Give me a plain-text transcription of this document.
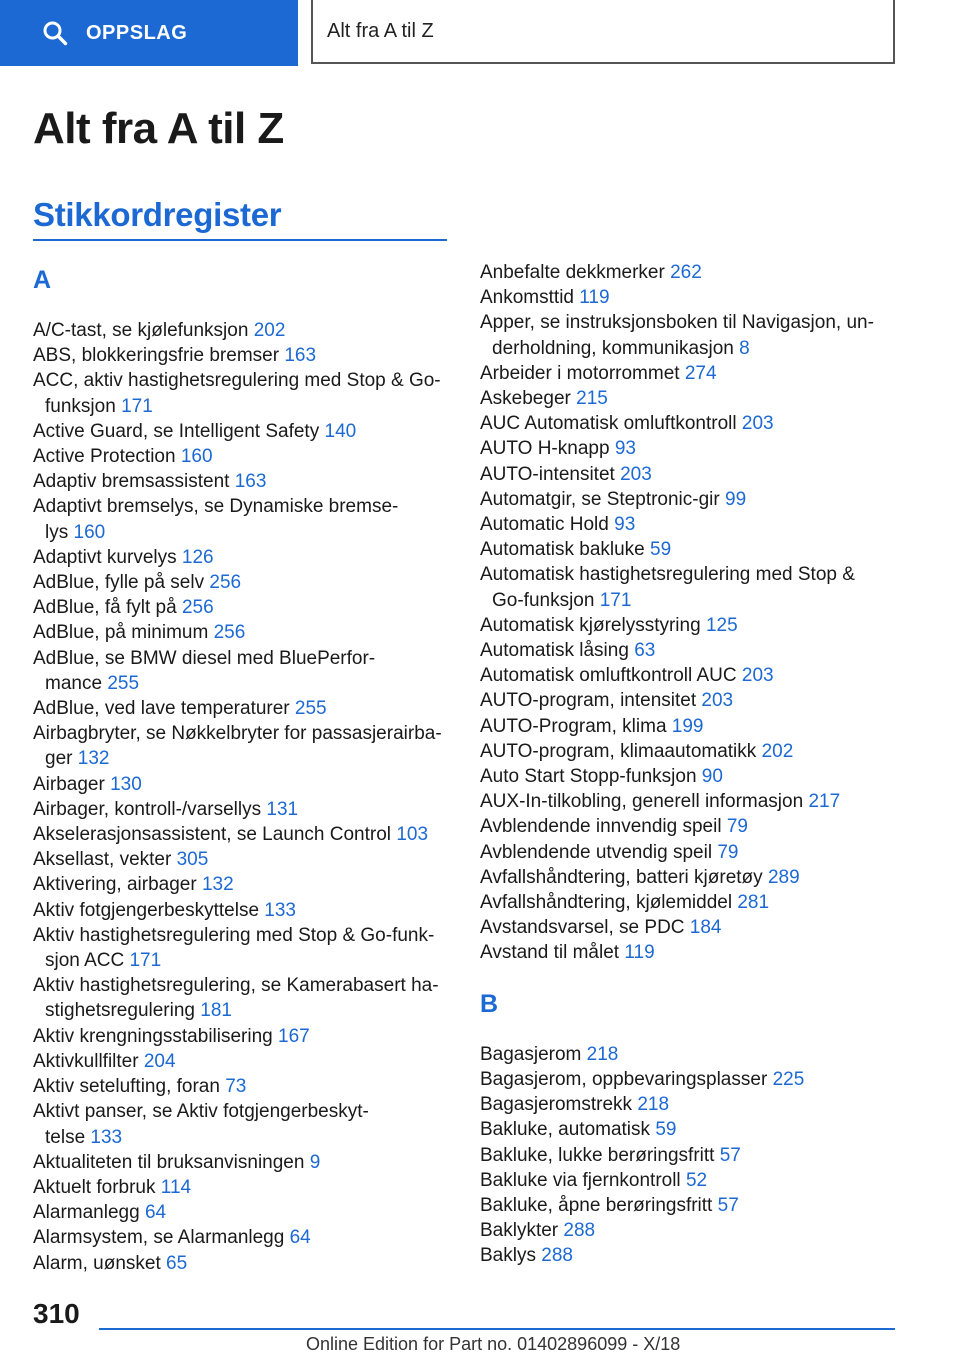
OPPSLAG	Alt fra A til Z
Alt fra A til Z
Stikkordregister
A
A/C-tast, se kjølefunksjon 202
ABS, blokkeringsfrie bremser 163
ACC, aktiv hastighetsregulering med Stop & Go-
funksjon 171
Active Guard, se Intelligent Safety 140
Active Protection 160
Adaptiv bremsassistent 163
Adaptivt bremselys, se Dynamiske bremse-
lys 160
Adaptivt kurvelys 126
AdBlue, fylle på selv 256
AdBlue, få fylt på 256
AdBlue, på minimum 256
AdBlue, se BMW diesel med BluePerfor-
mance 255
AdBlue, ved lave temperaturer 255
Airbagbryter, se Nøkkelbryter for passasjerairba-
ger 132
Airbager 130
Airbager, kontroll-/varsellys 131
Akselerasjonsassistent, se Launch Control 103
Aksellast, vekter 305
Aktivering, airbager 132
Aktiv fotgjengerbeskyttelse 133
Aktiv hastighetsregulering med Stop & Go-funk-
sjon ACC 171
Aktiv hastighetsregulering, se Kamerabasert ha-
stighetsregulering 181
Aktiv krengningsstabilisering 167
Aktivkullfilter 204
Aktiv setelufting, foran 73
Aktivt panser, se Aktiv fotgjengerbeskyt-
telse 133
Aktualiteten til bruksanvisningen 9
Aktuelt forbruk 114
Alarmanlegg 64
Alarmsystem, se Alarmanlegg 64
Alarm, uønsket 65
Anbefalte dekkmerker 262
Ankomsttid 119
Apper, se instruksjonsboken til Navigasjon, un-
derholdning, kommunikasjon 8
Arbeider i motorrommet 274
Askebeger 215
AUC Automatisk omluftkontroll 203
AUTO H-knapp 93
AUTO-intensitet 203
Automatgir, se Steptronic-gir 99
Automatic Hold 93
Automatisk bakluke 59
Automatisk hastighetsregulering med Stop &
Go-funksjon 171
Automatisk kjørelysstyring 125
Automatisk låsing 63
Automatisk omluftkontroll AUC 203
AUTO-program, intensitet 203
AUTO-Program, klima 199
AUTO-program, klimaautomatikk 202
Auto Start Stopp-funksjon 90
AUX-In-tilkobling, generell informasjon 217
Avblendende innvendig speil 79
Avblendende utvendig speil 79
Avfallshåndtering, batteri kjøretøy 289
Avfallshåndtering, kjølemiddel 281
Avstandsvarsel, se PDC 184
Avstand til målet 119
B
Bagasjerom 218
Bagasjerom, oppbevaringsplasser 225
Bagasjeromstrekk 218
Bakluke, automatisk 59
Bakluke, lukke berøringsfritt 57
Bakluke via fjernkontroll 52
Bakluke, åpne berøringsfritt 57
Baklykter 288
Baklys 288
310
Online Edition for Part no. 01402896099 - X/18
